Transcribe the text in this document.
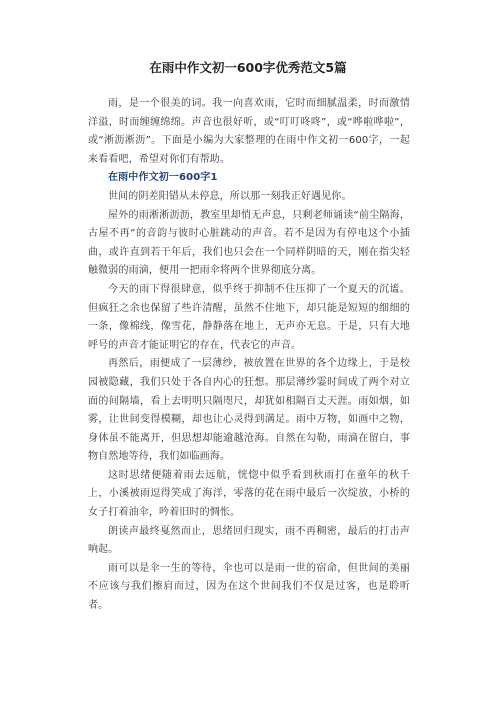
在雨中作文初一600字优秀范文5篇

雨，是一个很美的词。我一向喜欢雨，它时而细腻温柔，时而激情洋溢，时而缠缠绵绵。声音也很好听，或“叮叮咚咚”，或“哗啦哗啦”，或“淅沥淅沥”。下面是小编为大家整理的在雨中作文初一600字，一起来看看吧，希望对你们有帮助。

在雨中作文初一600字1

世间的阴差阳错从未停息，所以那一刻我正好遇见你。

屋外的雨淅淅沥沥，教室里却悄无声息，只剩老师诵读“前尘隔海，古屋不再”的音韵与彼时心脏跳动的声音。若不是因为有停电这个小插曲，或许直到若干年后，我们也只会在一个同样阴暗的天，刚在指尖轻触微弱的雨滴，便用一把雨伞将两个世界彻底分离。

今天的雨下得很肆意，似乎终于抑制不住压抑了一个夏天的沉谧。但疯狂之余也保留了些许清醒，虽然不住地下，却只能是短短的细细的一条，像棉线，像雪花，静静落在地上，无声亦无息。于是，只有大地呼号的声音才能证明它的存在，代表它的声音。

再然后，雨便成了一层薄纱，被放置在世界的各个边缘上，于是校园被隐藏，我们只处于各自内心的狂想。那层薄纱霎时间成了两个对立面的间隔墙，看上去明明只隔咫尺，却犹如相隔百丈天涯。雨如烟，如雾，让世间变得模糊，却也让心灵得到满足。雨中万物，如画中之物，身体虽不能离开，但思想却能逾越沧海。自然在勾勒，雨滴在留白，事物自然地等待，我们如临画海。

这时思绪便随着雨去远航，恍惚中似乎看到秋雨打在童年的秋千上，小溪被雨逗得笑成了海洋，零落的花在雨中最后一次绽放，小桥的女子打着油伞，吟着旧时的惆怅。

朗读声最终戛然而止，思绪回归现实，雨不再稠密，最后的打击声响起。

雨可以是伞一生的等待，伞也可以是雨一世的宿命，但世间的美丽不应该与我们擦肩而过，因为在这个世间我们不仅是过客，也是聆听者。
